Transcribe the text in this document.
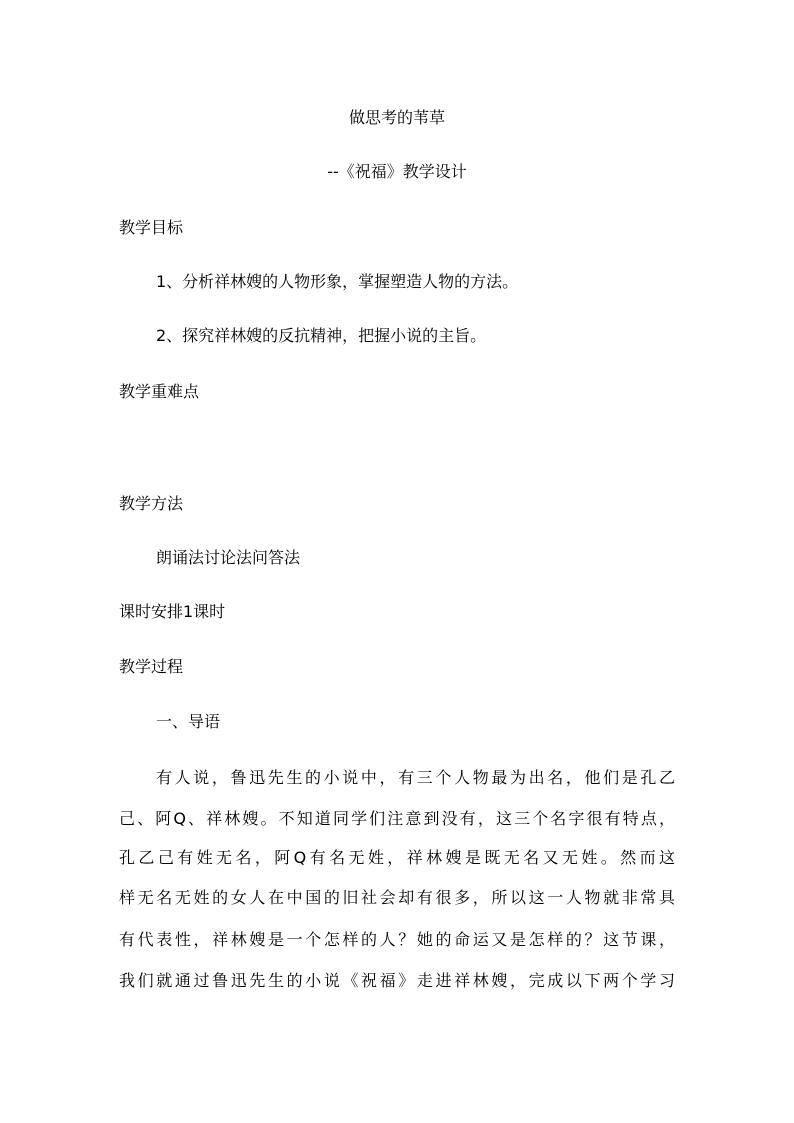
做思考的苇草
--《祝福》教学设计
教学目标
1、分析祥林嫂的人物形象，掌握塑造人物的方法。
2、探究祥林嫂的反抗精神，把握小说的主旨。
教学重难点
教学方法
朗诵法讨论法问答法
课时安排1课时
教学过程
一、导语
有人说，鲁迅先生的小说中，有三个人物最为出名，他们是孔乙
己、阿Q、祥林嫂。不知道同学们注意到没有，这三个名字很有特点，
孔乙己有姓无名，阿Q有名无姓，祥林嫂是既无名又无姓。然而这
样无名无姓的女人在中国的旧社会却有很多，所以这一人物就非常具
有代表性，祥林嫂是一个怎样的人？她的命运又是怎样的？这节课，
我们就通过鲁迅先生的小说《祝福》走进祥林嫂，完成以下两个学习
